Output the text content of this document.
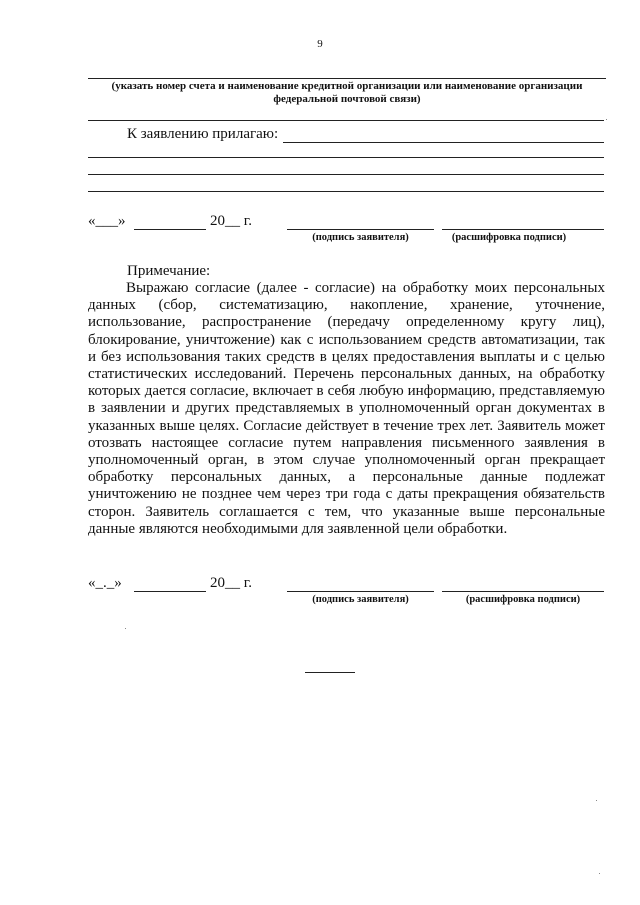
9
(указать номер счета и наименование кредитной организации или наименование организации
федеральной почтовой связи)
К заявлению прилагаю:
«___»	20__ г.
(подпись заявителя)	(расшифровка подписи)
Примечание:
Выражаю согласие (далее - согласие) на обработку моих персональных данных (сбор, систематизацию, накопление, хранение, уточнение, использование, распространение (передачу определенному кругу лиц), блокирование, уничтожение) как с использованием средств автоматизации, так и без использования таких средств в целях предоставления выплаты и с целью статистических исследований. Перечень персональных данных, на обработку которых дается согласие, включает в себя любую информацию, представляемую в заявлении и других представляемых в уполномоченный орган документах в указанных выше целях. Согласие действует в течение трех лет. Заявитель может отозвать настоящее согласие путем направления письменного заявления в уполномоченный орган, в этом случае уполномоченный орган прекращает обработку персональных данных, а персональные данные подлежат уничтожению не позднее чем через три года с даты прекращения обязательств сторон. Заявитель соглашается с тем, что указанные выше персональные данные являются необходимыми для заявленной цели обработки.
«_._»	20__ г.
(подпись заявителя)	(расшифровка подписи)
